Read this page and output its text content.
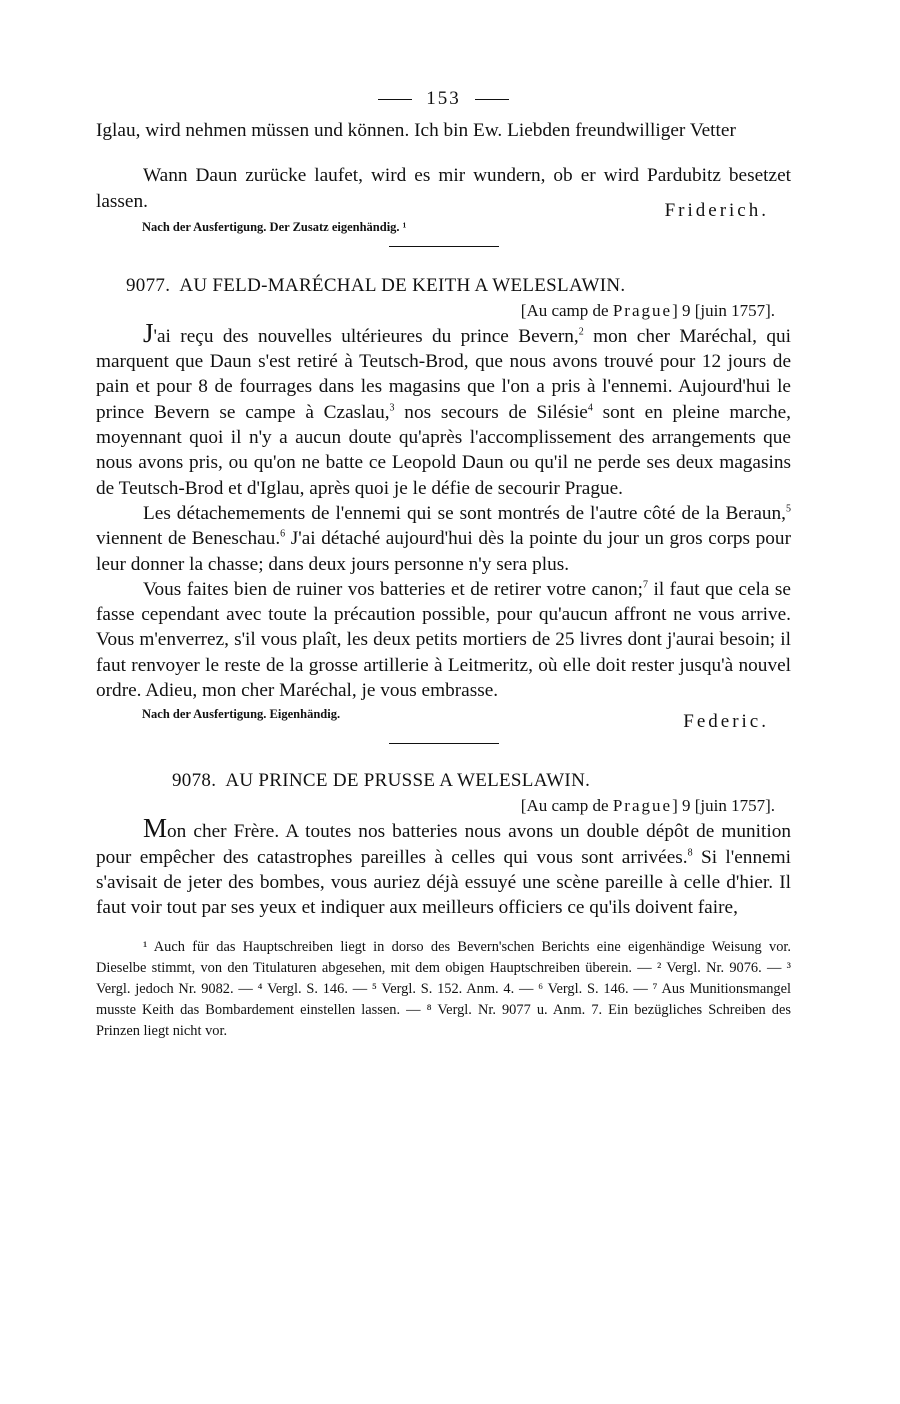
153

Iglau, wird nehmen müssen und können. Ich bin Ew. Liebden freundwilliger Vetter

Wann Daun zurücke laufet, wird es mir wundern, ob er wird Pardubitz besetzet lassen.

Nach der Ausfertigung. Der Zusatz eigenhändig. ¹
Friderich.
9077. AU FELD-MARÉCHAL DE KEITH A WELESLAWIN.
[Au camp de Prague] 9 [juin 1757].

J'ai reçu des nouvelles ultérieures du prince Bevern,$^2$ mon cher Maréchal, qui marquent que Daun s'est retiré à Teutsch-Brod, que nous avons trouvé pour 12 jours de pain et pour 8 de fourrages dans les magasins que l'on a pris à l'ennemi. Aujourd'hui le prince Bevern se campe à Czaslau,$^3$ nos secours de Silésie$^4$ sont en pleine marche, moyennant quoi il n'y a aucun doute qu'après l'accomplissement des arrangements que nous avons pris, ou qu'on ne batte ce Leopold Daun ou qu'il ne perde ses deux magasins de Teutsch-Brod et d'Iglau, après quoi je le défie de secourir Prague.

Les détachemements de l'ennemi qui se sont montrés de l'autre côté de la Beraun,$^5$ viennent de Beneschau.$^6$ J'ai détaché aujourd'hui dès la pointe du jour un gros corps pour leur donner la chasse; dans deux jours personne n'y sera plus.

Vous faites bien de ruiner vos batteries et de retirer votre canon;$^7$ il faut que cela se fasse cependant avec toute la précaution possible, pour qu'aucun affront ne vous arrive. Vous m'enverrez, s'il vous plaît, les deux petits mortiers de 25 livres dont j'aurai besoin; il faut renvoyer le reste de la grosse artillerie à Leitmeritz, où elle doit rester jusqu'à nouvel ordre. Adieu, mon cher Maréchal, je vous embrasse.

Nach der Ausfertigung. Eigenhändig.	Federic.
9078. AU PRINCE DE PRUSSE A WELESLAWIN.
[Au camp de Prague] 9 [juin 1757].

Mon cher Frère. A toutes nos batteries nous avons un double dépôt de munition pour empêcher des catastrophes pareilles à celles qui vous sont arrivées.$^8$ Si l'ennemi s'avisait de jeter des bombes, vous auriez déjà essuyé une scène pareille à celle d'hier. Il faut voir tout par ses yeux et indiquer aux meilleurs officiers ce qu'ils doivent faire,

¹ Auch für das Hauptschreiben liegt in dorso des Bevern'schen Berichts eine eigenhändige Weisung vor. Dieselbe stimmt, von den Titulaturen abgesehen, mit dem obigen Hauptschreiben überein. — ² Vergl. Nr. 9076. — ³ Vergl. jedoch Nr. 9082. — ⁴ Vergl. S. 146. — ⁵ Vergl. S. 152. Anm. 4. — ⁶ Vergl. S. 146. — ⁷ Aus Munitionsmangel musste Keith das Bombardement einstellen lassen. — ⁸ Vergl. Nr. 9077 u. Anm. 7. Ein bezügliches Schreiben des Prinzen liegt nicht vor.
